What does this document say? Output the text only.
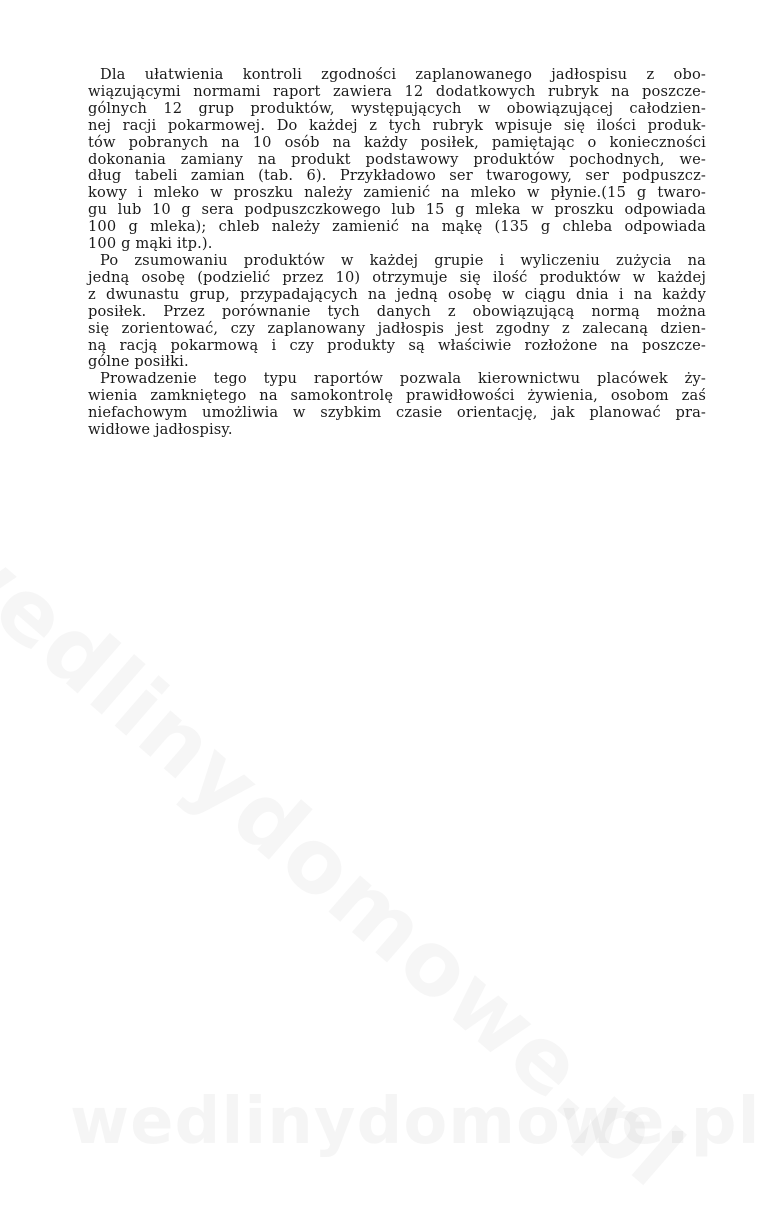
Dla ułatwienia kontroli zgodności zaplanowanego jadłospisu z obo-
wiązującymi normami raport zawiera 12 dodatkowych rubryk na poszcze-
gólnych 12 grup produktów, występujących w obowiązującej całodzien-
nej racji pokarmowej. Do każdej z tych rubryk wpisuje się ilości produk-
tów pobranych na 10 osób na każdy posiłek, pamiętając o konieczności
dokonania zamiany na produkt podstawowy produktów pochodnych, we-
dług tabeli zamian (tab. 6). Przykładowo ser twarogowy, ser podpuszcz-
kowy i mleko w proszku należy zamienić na mleko w płynie.(15 g twaro-
gu lub 10 g sera podpuszczkowego lub 15 g mleka w proszku odpowiada
100 g mleka); chleb należy zamienić na mąkę (135 g chleba odpowiada
100 g mąki itp.).

Po zsumowaniu produktów w każdej grupie i wyliczeniu zużycia na
jedną osobę (podzielić przez 10) otrzymuje się ilość produktów w każdej
z dwunastu grup, przypadających na jedną osobę w ciągu dnia i na każdy
posiłek. Przez porównanie tych danych z obowiązującą normą można
się zorientować, czy zaplanowany jadłospis jest zgodny z zalecaną dzien-
ną racją pokarmową i czy produkty są właściwie rozłożone na poszcze-
gólne posiłki.

Prowadzenie tego typu raportów pozwala kierownictwu placówek ży-
wienia zamkniętego na samokontrolę prawidłowości żywienia, osobom zaś
niefachowym umożliwia w szybkim czasie orientację, jak planować pra-
widłowe jadłospisy.
